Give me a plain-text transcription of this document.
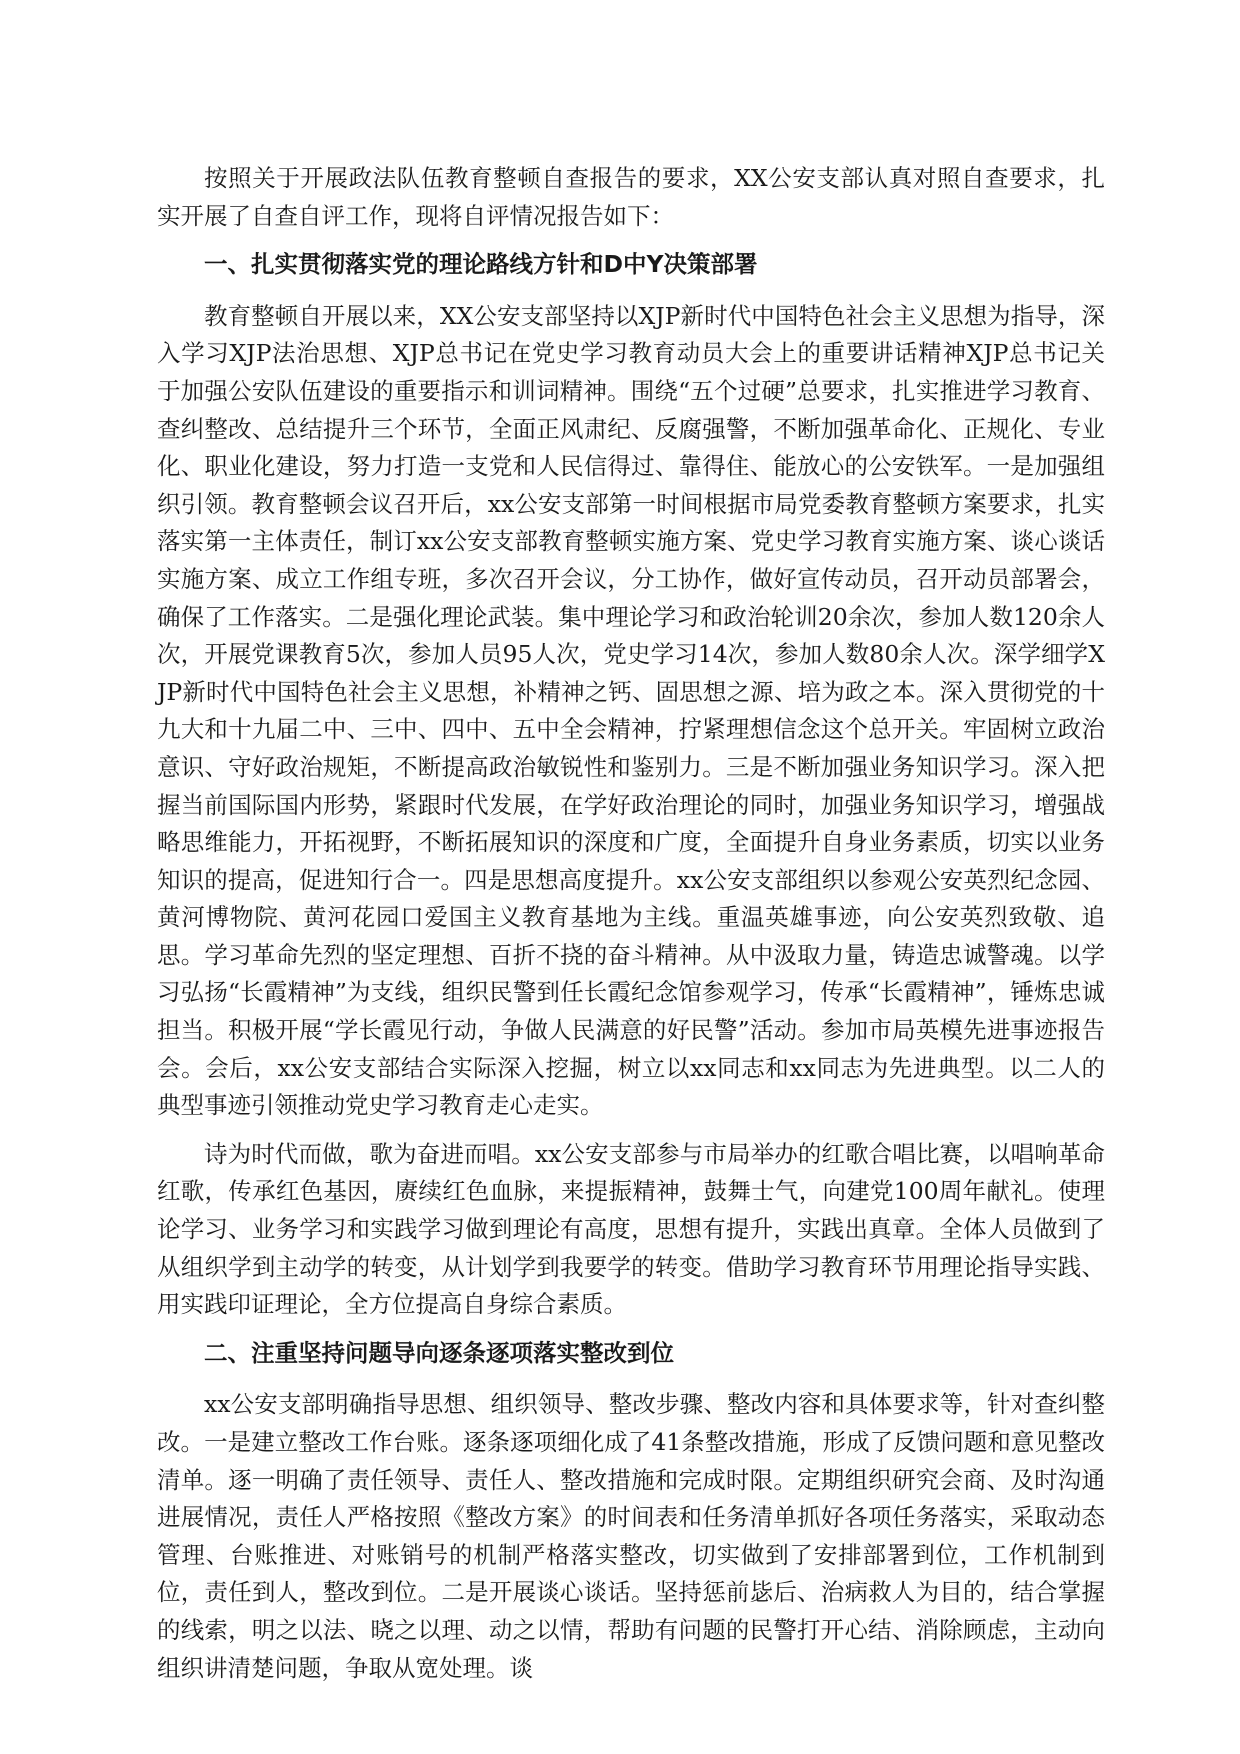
按照关于开展政法队伍教育整顿自查报告的要求，XX公安支部认真对照自查要求，扎实开展了自查自评工作，现将自评情况报告如下：

一、扎实贯彻落实党的理论路线方针和D中Y决策部署

教育整顿自开展以来，XX公安支部坚持以XJP新时代中国特色社会主义思想为指导，深入学习XJP法治思想、XJP总书记在党史学习教育动员大会上的重要讲话精神XJP总书记关于加强公安队伍建设的重要指示和训词精神。围绕“五个过硬”总要求，扎实推进学习教育、查纠整改、总结提升三个环节，全面正风肃纪、反腐强警，不断加强革命化、正规化、专业化、职业化建设，努力打造一支党和人民信得过、靠得住、能放心的公安铁军。一是加强组织引领。教育整顿会议召开后，xx公安支部第一时间根据市局党委教育整顿方案要求，扎实落实第一主体责任，制订xx公安支部教育整顿实施方案、党史学习教育实施方案、谈心谈话实施方案、成立工作组专班，多次召开会议，分工协作，做好宣传动员，召开动员部署会，确保了工作落实。二是强化理论武装。集中理论学习和政治轮训20余次，参加人数120余人次，开展党课教育5次，参加人员95人次，党史学习14次，参加人数80余人次。深学细学XJP新时代中国特色社会主义思想，补精神之钙、固思想之源、培为政之本。深入贯彻党的十九大和十九届二中、三中、四中、五中全会精神，拧紧理想信念这个总开关。牢固树立政治意识、守好政治规矩，不断提高政治敏锐性和鉴别力。三是不断加强业务知识学习。深入把握当前国际国内形势，紧跟时代发展，在学好政治理论的同时，加强业务知识学习，增强战略思维能力，开拓视野，不断拓展知识的深度和广度，全面提升自身业务素质，切实以业务知识的提高，促进知行合一。四是思想高度提升。xx公安支部组织以参观公安英烈纪念园、黄河博物院、黄河花园口爱国主义教育基地为主线。重温英雄事迹，向公安英烈致敬、追思。学习革命先烈的坚定理想、百折不挠的奋斗精神。从中汲取力量，铸造忠诚警魂。以学习弘扬“长霞精神”为支线，组织民警到任长霞纪念馆参观学习，传承“长霞精神”，锤炼忠诚担当。积极开展“学长霞见行动，争做人民满意的好民警”活动。参加市局英模先进事迹报告会。会后，xx公安支部结合实际深入挖掘，树立以xx同志和xx同志为先进典型。以二人的典型事迹引领推动党史学习教育走心走实。

诗为时代而做，歌为奋进而唱。xx公安支部参与市局举办的红歌合唱比赛，以唱响革命红歌，传承红色基因，赓续红色血脉，来提振精神，鼓舞士气，向建党100周年献礼。使理论学习、业务学习和实践学习做到理论有高度，思想有提升，实践出真章。全体人员做到了从组织学到主动学的转变，从计划学到我要学的转变。借助学习教育环节用理论指导实践、用实践印证理论，全方位提高自身综合素质。

二、注重坚持问题导向逐条逐项落实整改到位

xx公安支部明确指导思想、组织领导、整改步骤、整改内容和具体要求等，针对查纠整改。一是建立整改工作台账。逐条逐项细化成了41条整改措施，形成了反馈问题和意见整改清单。逐一明确了责任领导、责任人、整改措施和完成时限。定期组织研究会商、及时沟通进展情况，责任人严格按照《整改方案》的时间表和任务清单抓好各项任务落实，采取动态管理、台账推进、对账销号的机制严格落实整改，切实做到了安排部署到位，工作机制到位，责任到人，整改到位。二是开展谈心谈话。坚持惩前毖后、治病救人为目的，结合掌握的线索，明之以法、晓之以理、动之以情，帮助有问题的民警打开心结、消除顾虑，主动向组织讲清楚问题，争取从宽处理。谈
